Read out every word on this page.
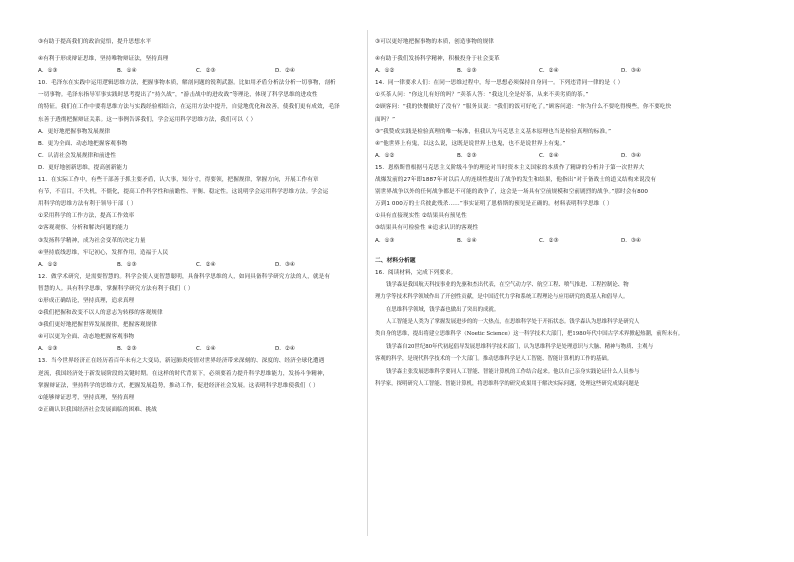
③有助于提高我们的政治觉悟，提升思想水平
④有利于形成辩证思维，坚持唯物辩证法，坚持真理
A．①③	B．①④	C．②③	D．②④
10．毛泽东在实践中运用逻辑思维方法，把握事物本质，解剖问题的锐利武器。比如用矛盾分析法分析一切事物，剖析
一切事物。毛泽东指导军事实践时思考提出了“持久战”，“游击战中的进攻战”等理论，体现了科学思维的进攻性
的特征。我们在工作中要将思维方法与实践经验相结合，在运用方法中提升，自觉地优化和改善，使我们更有成效，毛泽
东善于透彻把握辩证关系。这一事例告诉我们，学会运用科学思维方法，我们可以（ ）
A．更好地把握事物发展规律
B．更为全面、动态地把握客观事物
C．认清社会发展规律和前进性
D．更好地创新思维，提高创新能力
11．在实际工作中，有些干部善于抓主要矛盾，认大事，知分寸，得要领，把握规律，掌握方向，开展工作有章
有节，不盲目，不失机，不僵化，提高工作科学性和前瞻性、平衡、稳定性。这说明学会运用科学思维方法。学会运
用科学的思维方法有利于领导干部（ ）
①采用科学的工作方法，提高工作效率
②客观观察、分析和解决问题的能力
③发扬科学精神，成为社会变革的决定力量
④坚持底线思维，牢记初心，发挥作用，造福于人民
A．①②	B．①③	C．②④	D．③④
12．做学术研究，是需要智慧的。科学会使人更智慧聪明，具备科学思维的人，如同具备科学研究方法的人，就是有
智慧的人。具有科学思维，掌握科学研究方法有利于我们（ ）
①形成正确结论，坚持真理，追求真理
②我们把握和改变不以人的意志为转移的客观规律
③我们更好地把握世界发展规律，把握客观规律
④可以更为全面、动态地把握客观事物
A．①③	B．②③	C．①④	D．②④
13．当今世界经济正在经历着百年未有之大变局，新冠肺炎疫情对世界经济带来深刻的、深度的、经济全球化遭遇
逆流，我国经济处于新发展阶段的关键时期。在这样的时代背景下，必须要着力提升科学思维能力，发扬斗争精神，
掌握辩证法，坚持科学的思维方式，把握发展趋势，推动工作，促进经济社会发展。这表明科学思维使我们（ ）
①能够辩证思考，坚持真理，坚持真理
②正确认识我国经济社会发展面临的困难、挑战
③可以更好地把握事物的本质，创造事物的规律
④有助于我们发扬科学精神，积极投身于社会变革
A．①②	B．①③	C．②④	D．③④
14．同一律要求人们：在同一思维过程中，每一思想必须保持自身同一。下列违背同一律的是（ ）
①买茶人问：“你这儿有好的吗？”卖茶人答：“我这儿全是好茶，从来不卖劣质的茶。”
②顾客问：“我的快餐做好了没有？”服务员说：“我们的饭可好吃了。”顾客问道：“你为什么不要吃得慢些，你不要吃快
面吗？”
③“我赞成实践是检验真理的唯一标准，但我认为马克思主义基本原理也当是检验真理的标准。”
④“他世界上有鬼，以这么说，这既是说世界上也鬼，也不是说世界上有鬼。”
A．①②	B．②③	C．②④	D．③④
15．恩格斯曾根据马克思主义阶级斗争的理论对当时资本主义国家的本质作了精辟的分析并于第一次世界大
战爆发前的27年即1887年对以后人的连续性提出了战争的发生和结果，他指出“对于备战士的道义结构来说没有
别世界战争以外的任何战争都是不可能的战争了，这会是一场具有空前规模和空前剧烈的战争。”那时会有800
万到1 000万的士兵彼此残杀……”事实证明了恩格斯的预见是正确的。材料表明科学思维（ ）
①具有直接现实性 ②结果具有预见性
③结果具有可检验性 ④追求认识的客观性
A．①③	B．①④	C．②③	D．③④
二、材料分析题
16．阅读材料，完成下列要求。
钱学森是我国航天科技事业的先驱和杰出代表，在空气动力学、航空工程、喷气推进、工程控制论、物
理力学等技术科学领域作出了开创性贡献，是中国近代力学和系统工程理论与应用研究的奠基人和倡导人。
在思维科学领域，钱学森也做出了突出的成就。
人工智能是人类为了掌握发展进步的的一大热点，在思维科学处于开拓状态。钱学森认为思维科学是研究人
类自身的思维，提出将建立思维科学（Noetic Science）这一科学技术大部门，把1980年代中国古学术界掀起热潮，前所未有。
钱学森自20世纪80年代初起倡导发展思维科学技术部门，认为思维科学是处理意识与大脑、精神与物质、主观与
客观的科学，是现代科学技术的一个大部门。推动思维科学是人工智能、智能计算机的工作的基础。
钱学森主张发展思维科学要同人工智能、智能计算机的工作结合起来。他以自己亲身实践论证什么人员参与
科学家，探明研究人工智能、智能计算机，将思维科学的研究成果用于解决实际问题，处理这些研究成果问题是
